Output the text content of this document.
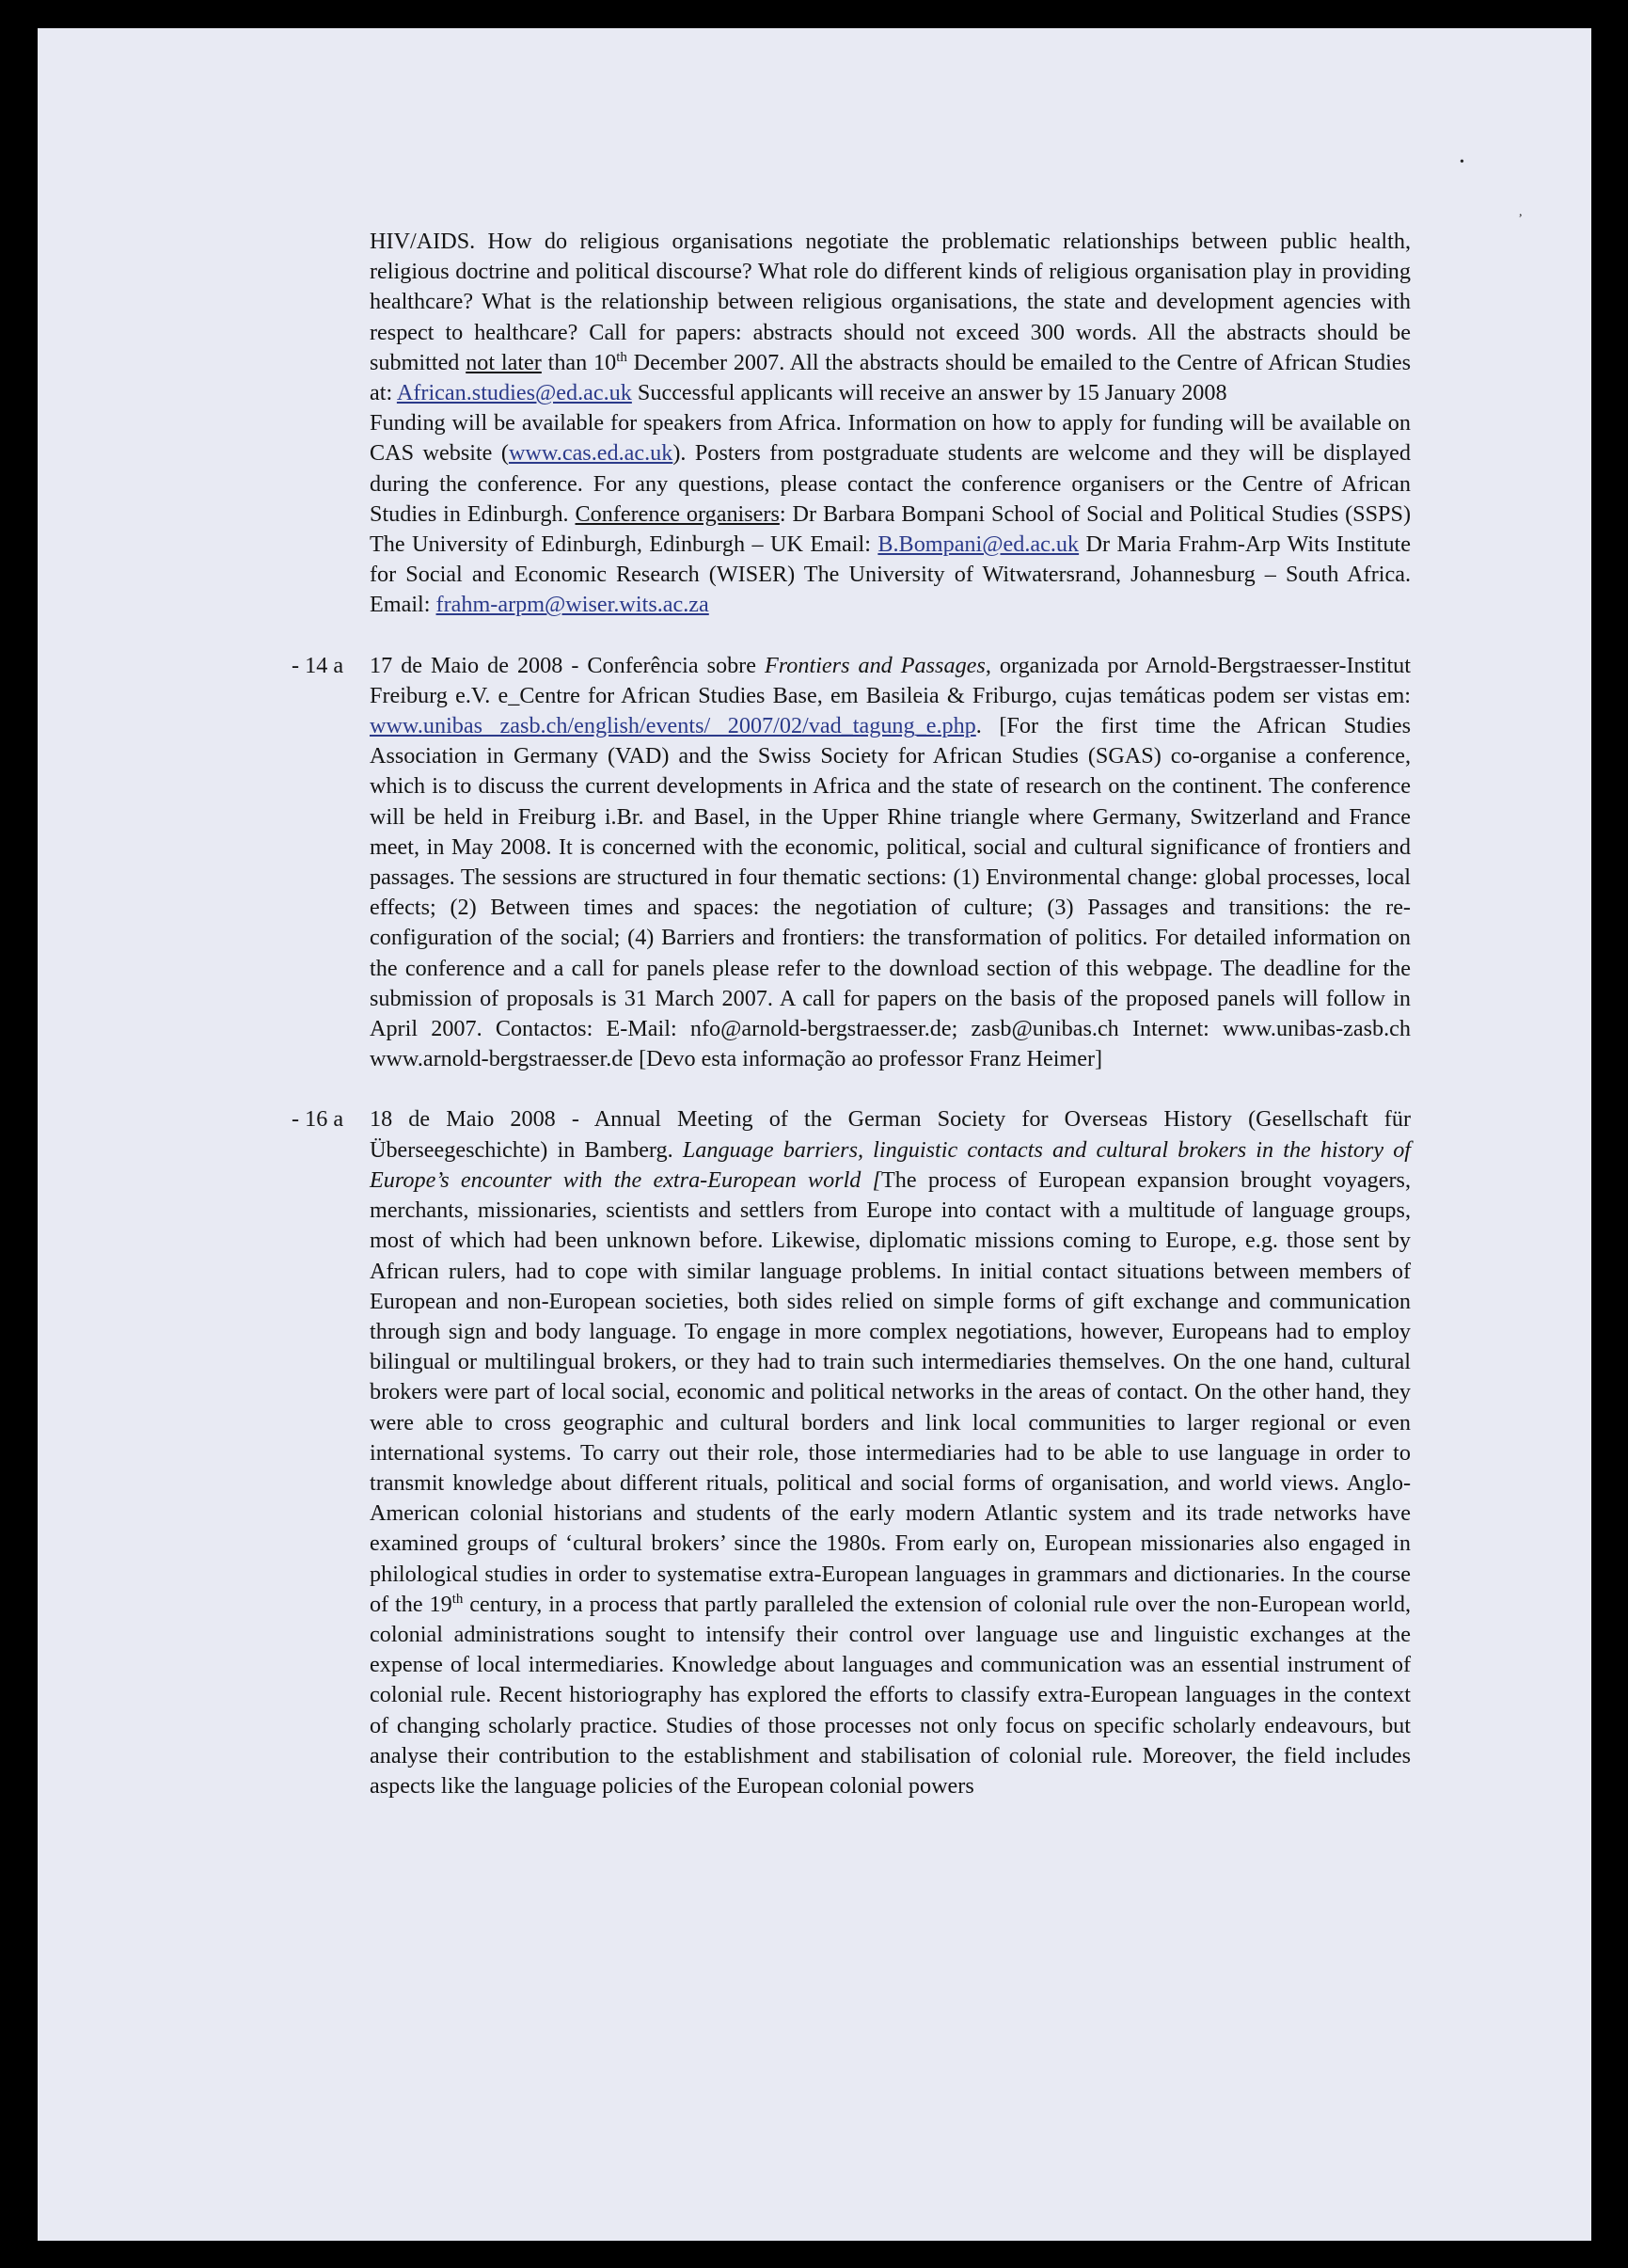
•
,

HIV/AIDS. How do religious organisations negotiate the problematic relationships between public health, religious doctrine and political discourse? What role do different kinds of religious organisation play in providing healthcare? What is the relationship between religious organisations, the state and development agencies with respect to healthcare? Call for papers: abstracts should not exceed 300 words. All the abstracts should be submitted not later than 10th December 2007. All the abstracts should be emailed to the Centre of African Studies at: African.studies@ed.ac.uk Successful applicants will receive an answer by 15 January 2008

Funding will be available for speakers from Africa. Information on how to apply for funding will be available on CAS website (www.cas.ed.ac.uk). Posters from postgraduate students are welcome and they will be displayed during the conference. For any questions, please contact the conference organisers or the Centre of African Studies in Edinburgh. Conference organisers: Dr Barbara Bompani School of Social and Political Studies (SSPS) The University of Edinburgh, Edinburgh – UK Email: B.Bompani@ed.ac.uk Dr Maria Frahm-Arp Wits Institute for Social and Economic Research (WISER) The University of Witwatersrand, Johannesburg – South Africa. Email: frahm-arpm@wiser.wits.ac.za

- 14 a 17 de Maio de 2008 - Conferência sobre Frontiers and Passages, organizada por Arnold-Bergstraesser-Institut Freiburg e.V. e_Centre for African Studies Base, em Basileia & Friburgo, cujas temáticas podem ser vistas em: www.unibas zasb.ch/english/events/ 2007/02/vad_tagung_e.php. [For the first time the African Studies Association in Germany (VAD) and the Swiss Society for African Studies (SGAS) co-organise a conference, which is to discuss the current developments in Africa and the state of research on the continent. The conference will be held in Freiburg i.Br. and Basel, in the Upper Rhine triangle where Germany, Switzerland and France meet, in May 2008. It is concerned with the economic, political, social and cultural significance of frontiers and passages. The sessions are structured in four thematic sections: (1) Environmental change: global processes, local effects; (2) Between times and spaces: the negotiation of culture; (3) Passages and transitions: the re-configuration of the social; (4) Barriers and frontiers: the transformation of politics. For detailed information on the conference and a call for panels please refer to the download section of this webpage. The deadline for the submission of proposals is 31 March 2007. A call for papers on the basis of the proposed panels will follow in April 2007. Contactos: E-Mail: nfo@arnold-bergstraesser.de; zasb@unibas.ch Internet: www.unibas-zasb.ch www.arnold-bergstraesser.de [Devo esta informação ao professor Franz Heimer]

- 16 a 18 de Maio 2008 - Annual Meeting of the German Society for Overseas History (Gesellschaft für Überseegeschichte) in Bamberg. Language barriers, linguistic contacts and cultural brokers in the history of Europe’s encounter with the extra-European world [The process of European expansion brought voyagers, merchants, missionaries, scientists and settlers from Europe into contact with a multitude of language groups, most of which had been unknown before. Likewise, diplomatic missions coming to Europe, e.g. those sent by African rulers, had to cope with similar language problems. In initial contact situations between members of European and non-European societies, both sides relied on simple forms of gift exchange and communication through sign and body language. To engage in more complex negotiations, however, Europeans had to employ bilingual or multilingual brokers, or they had to train such intermediaries themselves. On the one hand, cultural brokers were part of local social, economic and political networks in the areas of contact. On the other hand, they were able to cross geographic and cultural borders and link local communities to larger regional or even international systems. To carry out their role, those intermediaries had to be able to use language in order to transmit knowledge about different rituals, political and social forms of organisation, and world views. Anglo-American colonial historians and students of the early modern Atlantic system and its trade networks have examined groups of ‘cultural brokers’ since the 1980s. From early on, European missionaries also engaged in philological studies in order to systematise extra-European languages in grammars and dictionaries. In the course of the 19th century, in a process that partly paralleled the extension of colonial rule over the non-European world, colonial administrations sought to intensify their control over language use and linguistic exchanges at the expense of local intermediaries. Knowledge about languages and communication was an essential instrument of colonial rule. Recent historiography has explored the efforts to classify extra-European languages in the context of changing scholarly practice. Studies of those processes not only focus on specific scholarly endeavours, but analyse their contribution to the establishment and stabilisation of colonial rule. Moreover, the field includes aspects like the language policies of the European colonial powers
